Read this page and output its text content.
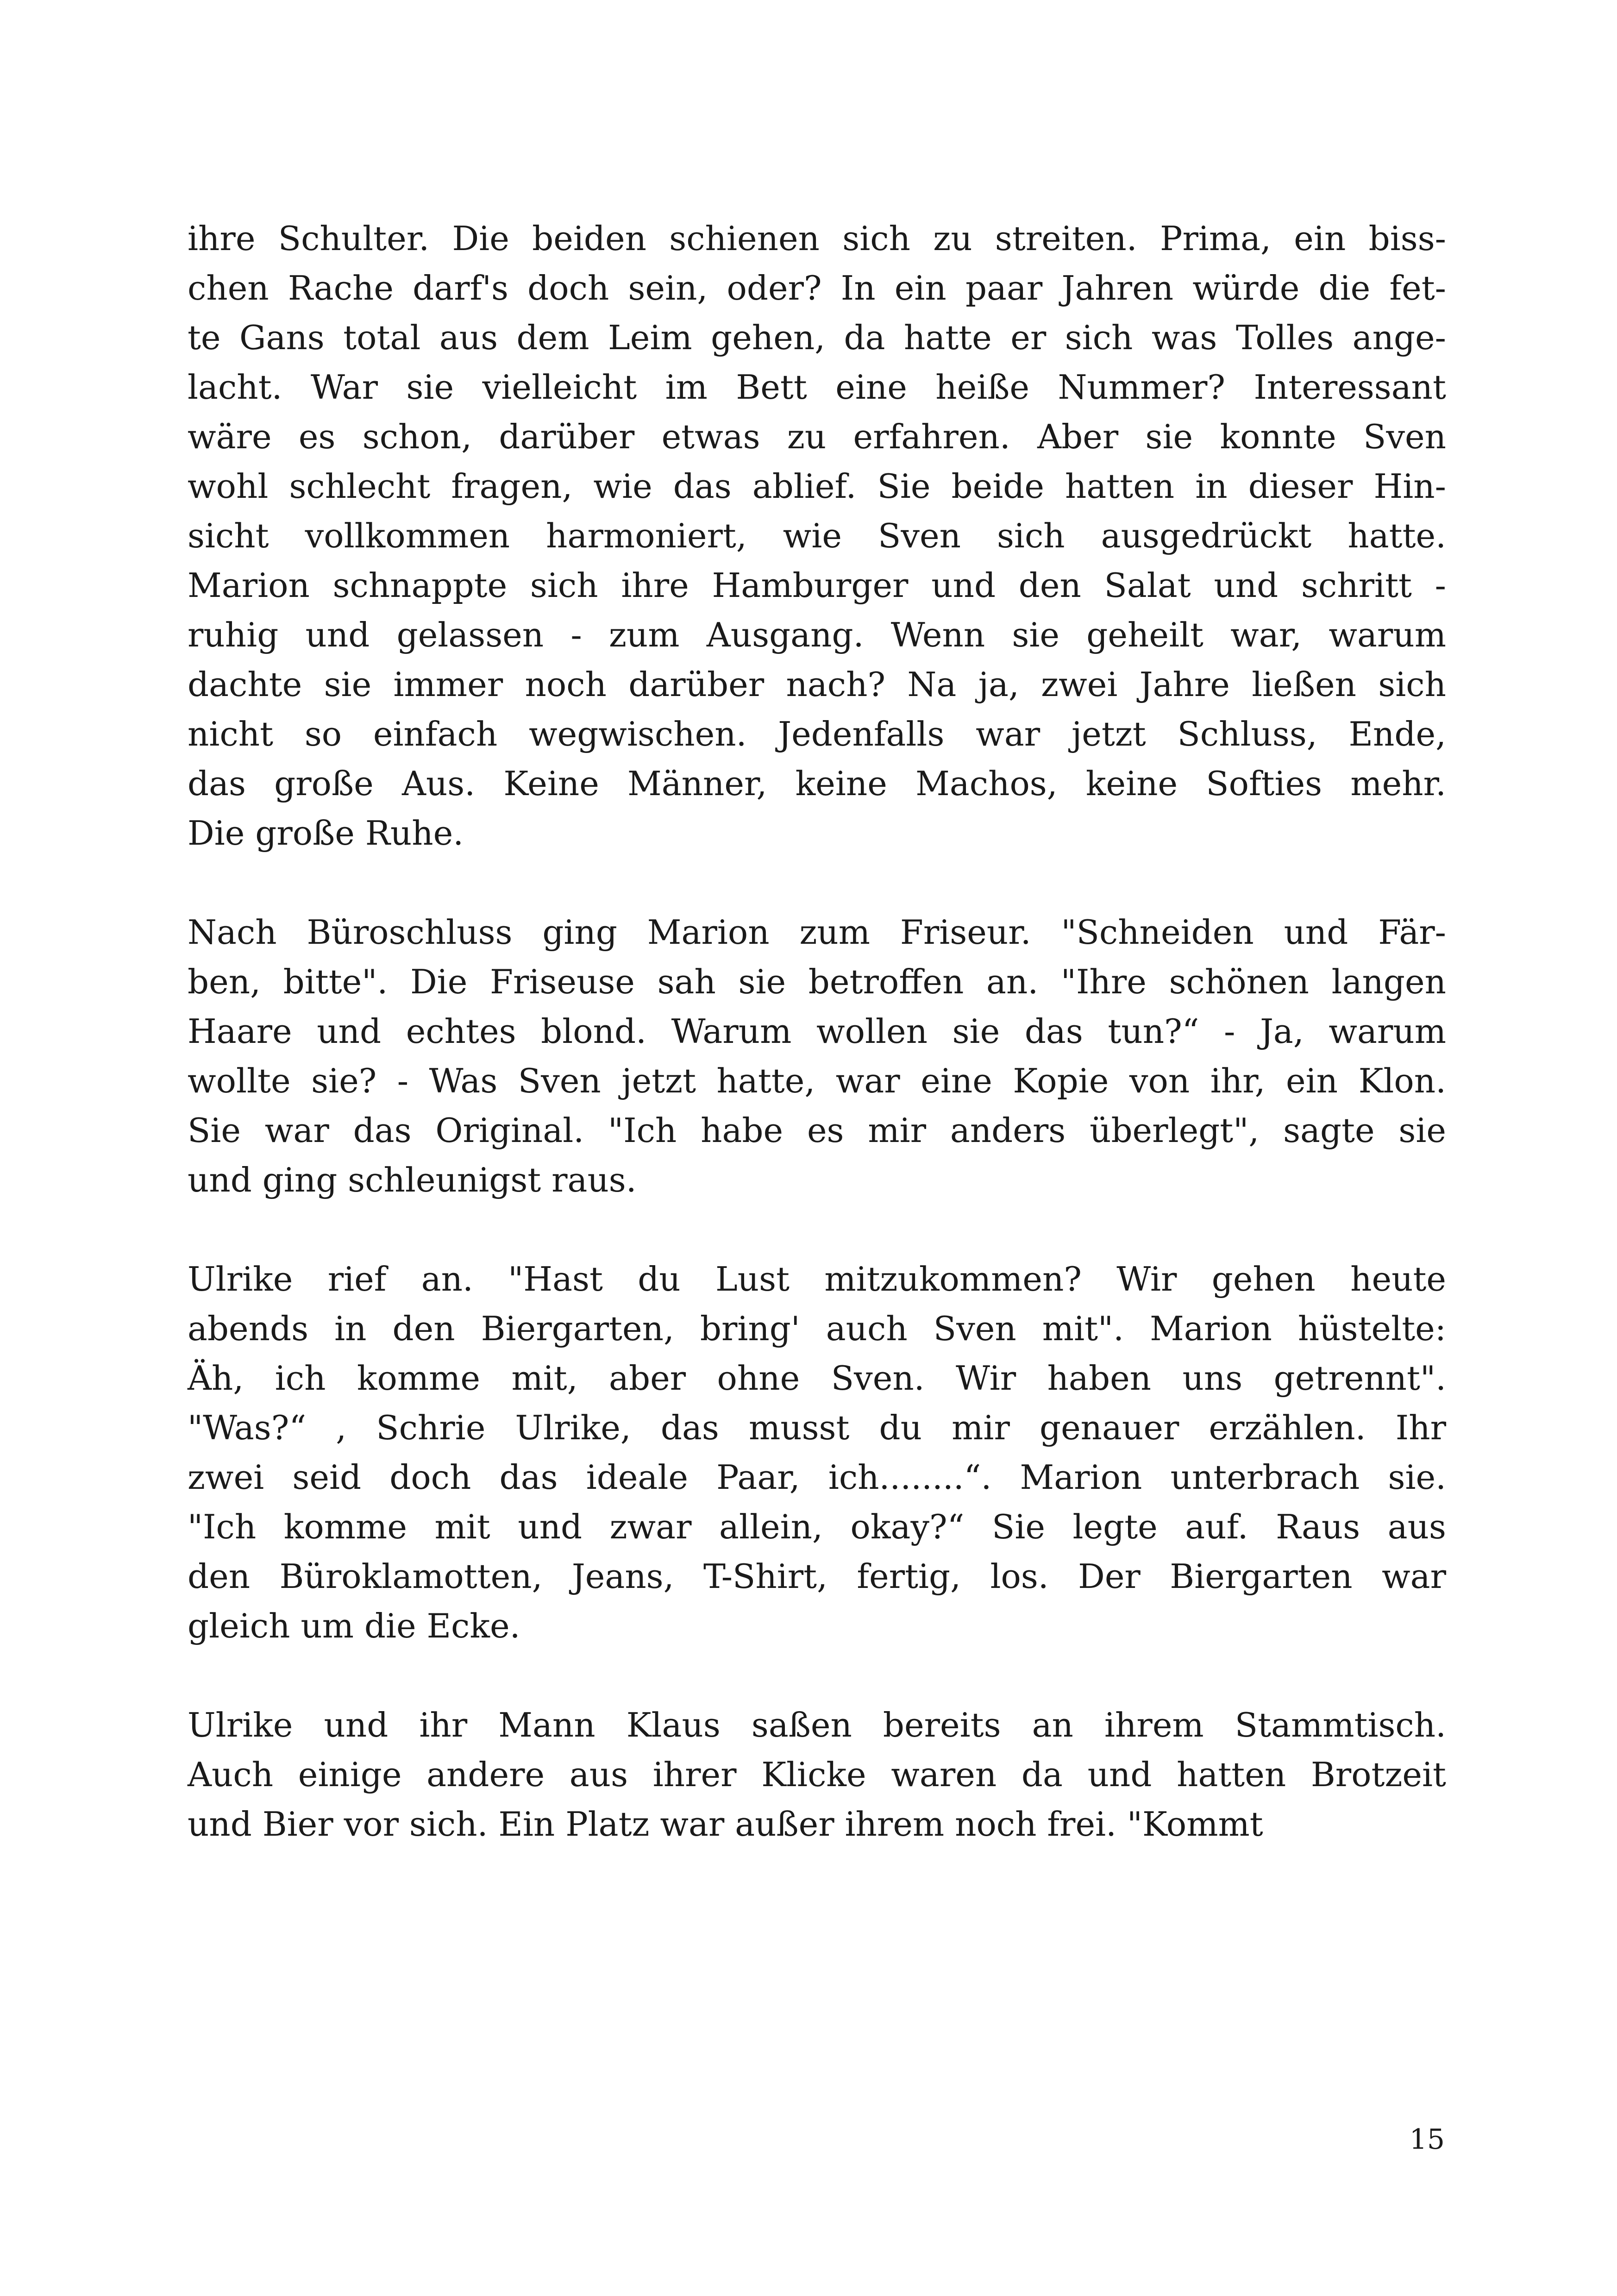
ihre Schulter. Die beiden schienen sich zu streiten. Prima, ein biss-
chen Rache darf's doch sein, oder? In ein paar Jahren würde die fet-
te Gans total aus dem Leim gehen, da hatte er sich was Tolles ange-
lacht. War sie vielleicht im Bett eine heiße Nummer? Interessant
wäre es schon, darüber etwas zu erfahren. Aber sie konnte Sven
wohl schlecht fragen, wie das ablief. Sie beide hatten in dieser Hin-
sicht vollkommen harmoniert, wie Sven sich ausgedrückt hatte.
Marion schnappte sich ihre Hamburger und den Salat und schritt -
ruhig und gelassen - zum Ausgang. Wenn sie geheilt war, warum
dachte sie immer noch darüber nach? Na ja, zwei Jahre ließen sich
nicht so einfach wegwischen. Jedenfalls war jetzt Schluss, Ende,
das große Aus. Keine Männer, keine Machos, keine Softies mehr.
Die große Ruhe.
Nach Büroschluss ging Marion zum Friseur. "Schneiden und Fär-
ben, bitte". Die Friseuse sah sie betroffen an. "Ihre schönen langen
Haare und echtes blond. Warum wollen sie das tun?“ - Ja, warum
wollte sie? - Was Sven jetzt hatte, war eine Kopie von ihr, ein Klon.
Sie war das Original. "Ich habe es mir anders überlegt", sagte sie
und ging schleunigst raus.
Ulrike rief an. "Hast du Lust mitzukommen? Wir gehen heute
abends in den Biergarten, bring' auch Sven mit". Marion hüstelte:
Äh, ich komme mit, aber ohne Sven. Wir haben uns getrennt".
"Was?“ , Schrie Ulrike, das musst du mir genauer erzählen. Ihr
zwei seid doch das ideale Paar, ich........“. Marion unterbrach sie.
"Ich komme mit und zwar allein, okay?“ Sie legte auf. Raus aus
den Büroklamotten, Jeans, T-Shirt, fertig, los. Der Biergarten war
gleich um die Ecke.
Ulrike und ihr Mann Klaus saßen bereits an ihrem Stammtisch.
Auch einige andere aus ihrer Klicke waren da und hatten Brotzeit
und Bier vor sich. Ein Platz war außer ihrem noch frei. "Kommt
15
